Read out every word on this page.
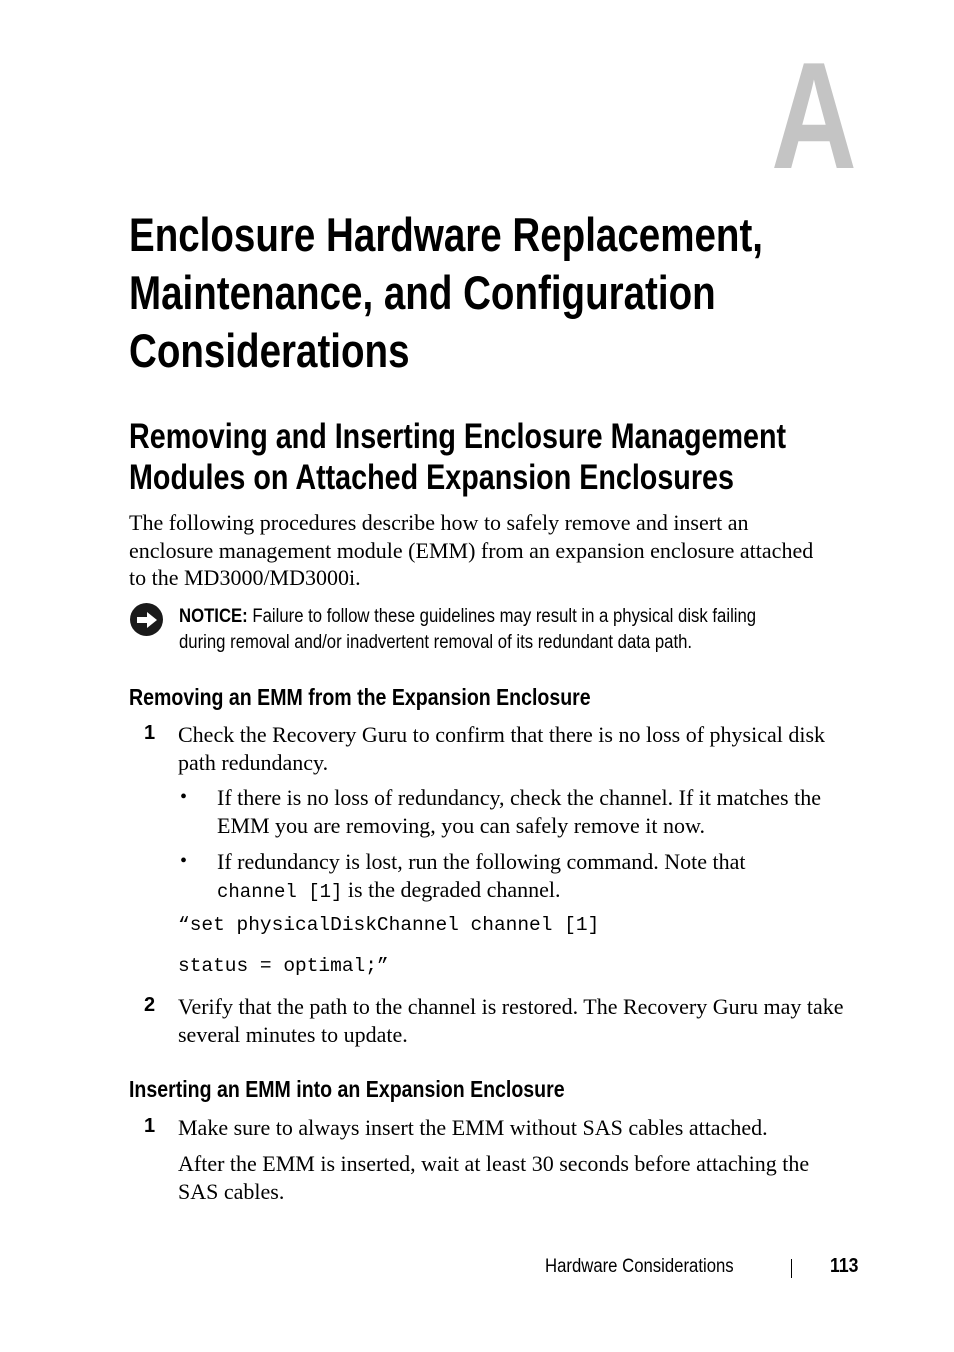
A
Enclosure Hardware Replacement,
Maintenance, and Configuration
Considerations
Removing and Inserting Enclosure Management
Modules on Attached Expansion Enclosures
The following procedures describe how to safely remove and insert an enclosure management module (EMM) from an expansion enclosure attached to the MD3000/MD3000i.
NOTICE: Failure to follow these guidelines may result in a physical disk failing
during removal and/or inadvertent removal of its redundant data path.
Removing an EMM from the Expansion Enclosure
1 Check the Recovery Guru to confirm that there is no loss of physical disk path redundancy.
• If there is no loss of redundancy, check the channel. If it matches the EMM you are removing, you can safely remove it now.
• If redundancy is lost, run the following command. Note that
channel [1] is the degraded channel.
“set physicalDiskChannel channel [1]
status = optimal;”
2 Verify that the path to the channel is restored. The Recovery Guru may take several minutes to update.
Inserting an EMM into an Expansion Enclosure
1 Make sure to always insert the EMM without SAS cables attached.
After the EMM is inserted, wait at least 30 seconds before attaching the SAS cables.
Hardware Considerations	113
